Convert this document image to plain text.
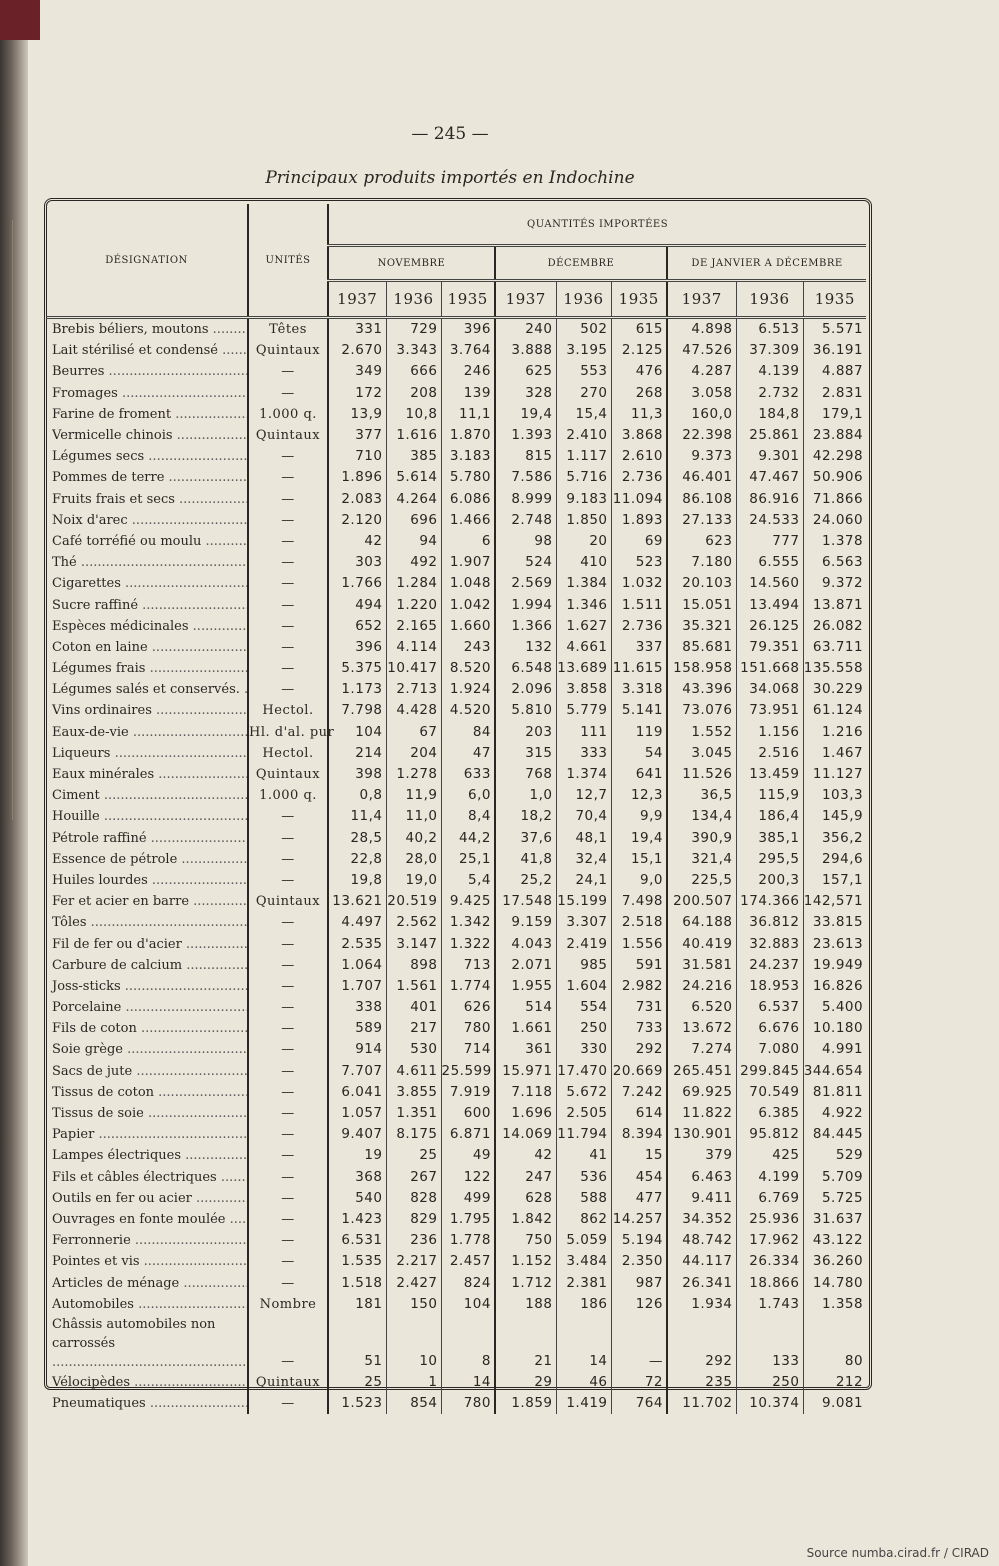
— 245 —
Principaux produits importés en Indochine
DÉSIGNATION	UNITÉS	QUANTITÉS IMPORTÉES								
		NOVEMBRE			DÉCEMBRE			DE JANVIER A DÉCEMBRE		
		1937	1936	1935	1937	1936	1935	1937	1936	1935
Brebis béliers, moutons .....	Têtes	331	729	396	240	502	615	4.898	6.513	5.571
Lait stérilisé et condensé .....	Quintaux	2.670	3.343	3.764	3.888	3.195	2.125	47.526	37.309	36.191
Beurres .....	—	349	666	246	625	553	476	4.287	4.139	4.887
Fromages .....	—	172	208	139	328	270	268	3.058	2.732	2.831
Farine de froment .....	1.000 q.	13,9	10,8	11,1	19,4	15,4	11,3	160,0	184,8	179,1
Vermicelle chinois .....	Quintaux	377	1.616	1.870	1.393	2.410	3.868	22.398	25.861	23.884
Légumes secs .....	—	710	385	3.183	815	1.117	2.610	9.373	9.301	42.298
Pommes de terre .....	—	1.896	5.614	5.780	7.586	5.716	2.736	46.401	47.467	50.906
Fruits frais et secs .....	—	2.083	4.264	6.086	8.999	9.183	11.094	86.108	86.916	71.866
Noix d'arec .....	—	2.120	696	1.466	2.748	1.850	1.893	27.133	24.533	24.060
Café torréfié ou moulu .....	—	42	94	6	98	20	69	623	777	1.378
Thé .....	—	303	492	1.907	524	410	523	7.180	6.555	6.563
Cigarettes .....	—	1.766	1.284	1.048	2.569	1.384	1.032	20.103	14.560	9.372
Sucre raffiné .....	—	494	1.220	1.042	1.994	1.346	1.511	15.051	13.494	13.871
Espèces médicinales .....	—	652	2.165	1.660	1.366	1.627	2.736	35.321	26.125	26.082
Coton en laine .....	—	396	4.114	243	132	4.661	337	85.681	79.351	63.711
Légumes frais .....	—	5.375	10.417	8.520	6.548	13.689	11.615	158.958	151.668	135.558
Légumes salés et conservés. .....	—	1.173	2.713	1.924	2.096	3.858	3.318	43.396	34.068	30.229
Vins ordinaires .....	Hectol.	7.798	4.428	4.520	5.810	5.779	5.141	73.076	73.951	61.124
Eaux-de-vie .....	Hl. d'al. pur	104	67	84	203	111	119	1.552	1.156	1.216
Liqueurs .....	Hectol.	214	204	47	315	333	54	3.045	2.516	1.467
Eaux minérales .....	Quintaux	398	1.278	633	768	1.374	641	11.526	13.459	11.127
Ciment .....	1.000 q.	0,8	11,9	6,0	1,0	12,7	12,3	36,5	115,9	103,3
Houille .....	—	11,4	11,0	8,4	18,2	70,4	9,9	134,4	186,4	145,9
Pétrole raffiné .....	—	28,5	40,2	44,2	37,6	48,1	19,4	390,9	385,1	356,2
Essence de pétrole .....	—	22,8	28,0	25,1	41,8	32,4	15,1	321,4	295,5	294,6
Huiles lourdes .....	—	19,8	19,0	5,4	25,2	24,1	9,0	225,5	200,3	157,1
Fer et acier en barre .....	Quintaux	13.621	20.519	9.425	17.548	15.199	7.498	200.507	174.366	142,571
Tôles .....	—	4.497	2.562	1.342	9.159	3.307	2.518	64.188	36.812	33.815
Fil de fer ou d'acier .....	—	2.535	3.147	1.322	4.043	2.419	1.556	40.419	32.883	23.613
Carbure de calcium .....	—	1.064	898	713	2.071	985	591	31.581	24.237	19.949
Joss-sticks .....	—	1.707	1.561	1.774	1.955	1.604	2.982	24.216	18.953	16.826
Porcelaine .....	—	338	401	626	514	554	731	6.520	6.537	5.400
Fils de coton .....	—	589	217	780	1.661	250	733	13.672	6.676	10.180
Soie grège .....	—	914	530	714	361	330	292	7.274	7.080	4.991
Sacs de jute .....	—	7.707	4.611	25.599	15.971	17.470	20.669	265.451	299.845	344.654
Tissus de coton .....	—	6.041	3.855	7.919	7.118	5.672	7.242	69.925	70.549	81.811
Tissus de soie .....	—	1.057	1.351	600	1.696	2.505	614	11.822	6.385	4.922
Papier .....	—	9.407	8.175	6.871	14.069	11.794	8.394	130.901	95.812	84.445
Lampes électriques .....	—	19	25	49	42	41	15	379	425	529
Fils et câbles électriques .....	—	368	267	122	247	536	454	6.463	4.199	5.709
Outils en fer ou acier .....	—	540	828	499	628	588	477	9.411	6.769	5.725
Ouvrages en fonte moulée .....	—	1.423	829	1.795	1.842	862	14.257	34.352	25.936	31.637
Ferronnerie .....	—	6.531	236	1.778	750	5.059	5.194	48.742	17.962	43.122
Pointes et vis .....	—	1.535	2.217	2.457	1.152	3.484	2.350	44.117	26.334	36.260
Articles de ménage .....	—	1.518	2.427	824	1.712	2.381	987	26.341	18.866	14.780
Automobiles .....	Nombre	181	150	104	188	186	126	1.934	1.743	1.358
Châssis automobiles non carrossés .....	—	51	10	8	21	14	—	292	133	80
Vélocipèdes .....	Quintaux	25	1	14	29	46	72	235	250	212
Pneumatiques .....	—	1.523	854	780	1.859	1.419	764	11.702	10.374	9.081
Source numba.cirad.fr / CIRAD
